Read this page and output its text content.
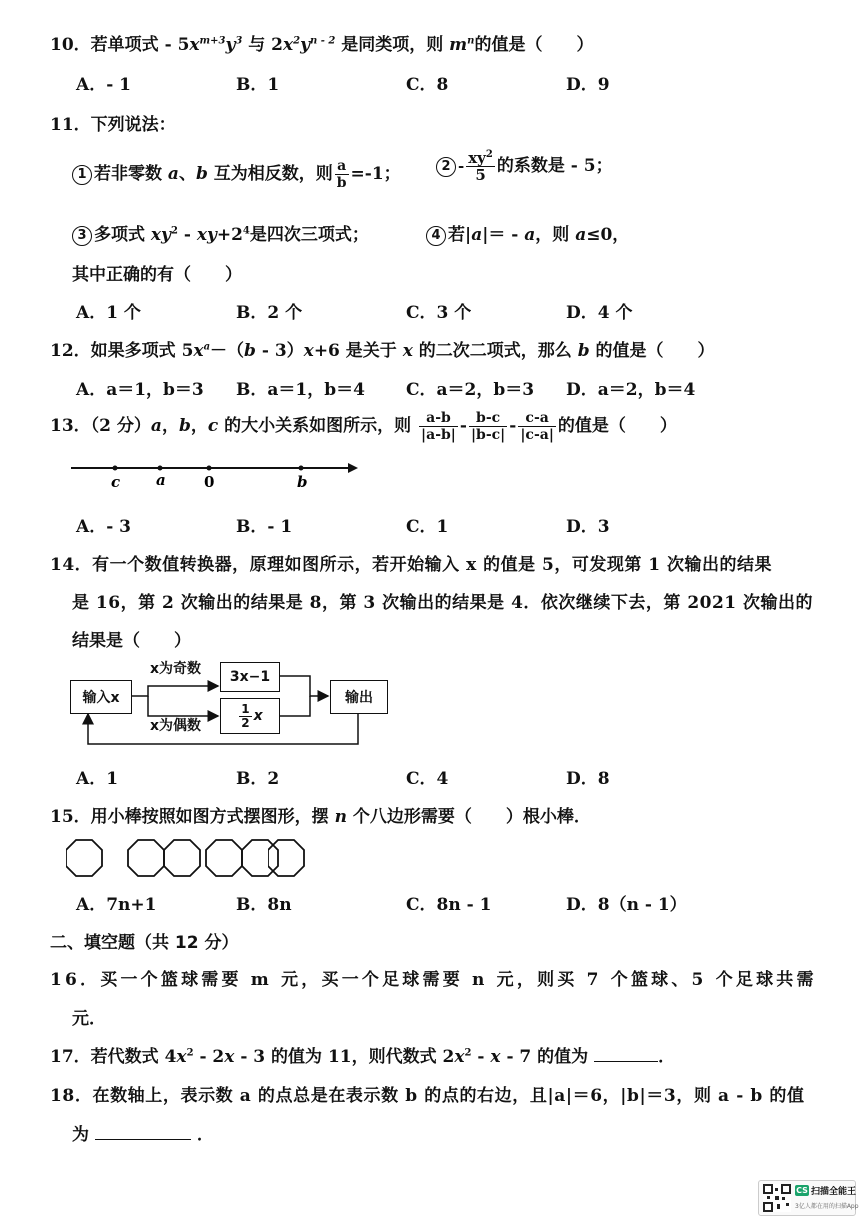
10．若单项式 - $5x^{m+3}y^3$ 与 $2x^2y^{n - 2}$ 是同类项，则 $m^n$的值是（　　）
A．- 1	B．1	C．8	D．9
11．下列说法：
1 若非零数 a、b 互为相反数，则 $\frac{a}{b} =-1$；	$2 - \frac{xy^2}{5}$ 的系数是 - 5；
3 多项式 $xy^2 - xy+2^4$是四次三项式；	4 若|a|＝ - a，则 a≤0，
其中正确的有（　　）
A．1 个	B．2 个	C．3 个	D．4 个
12．如果多项式 $5x^a-(b - 3)x+6$ 是关于 x 的二次二项式，那么 b 的值是（　　）
A．a＝1，b＝3 B．a＝1，b＝4 C．a＝2，b＝3 D．a＝2，b＝4
13．（2 分）a，b，c 的大小关系如图所示，则 $\frac{a-b}{|a-b|} - \frac{b-c}{|b-c|} - \frac{c-a}{|c-a|}$ 的值是（　　）
c a	0	b
A．- 3	B．- 1	C．1	D．3
14．有一个数值转换器，原理如图所示，若开始输入 x 的值是 5，可发现第 1 次输出的结果
是 16，第 2 次输出的结果是 8，第 3 次输出的结果是 4．依次继续下去，第 2021 次输出的
结果是（　　）
输入x
x为奇数
x为偶数
3x−1
$\frac{1}{2}$ x
输出
A．1	B．2	C．4	D．8
15．用小棒按照如图方式摆图形，摆 n 个八边形需要（　　）根小棒．
A．7n+1	B．8n	C．8n - 1	D．8（n - 1）
二、填空题（共 12 分）
16．买一个篮球需要 m 元，买一个足球需要 n 元，则买 7 个篮球、5 个足球共需
元．
17．若代数式 $4x^2 - 2x - 3$ 的值为 11，则代数式 $2x^2$ - x - 7 的值为	．
18．在数轴上，表示数 a 的点总是在表示数 b 的点的右边，且|a|＝6，|b|＝3，则 a - b 的值
为	．
CS 扫描全能王
3亿人都在用的扫描App
